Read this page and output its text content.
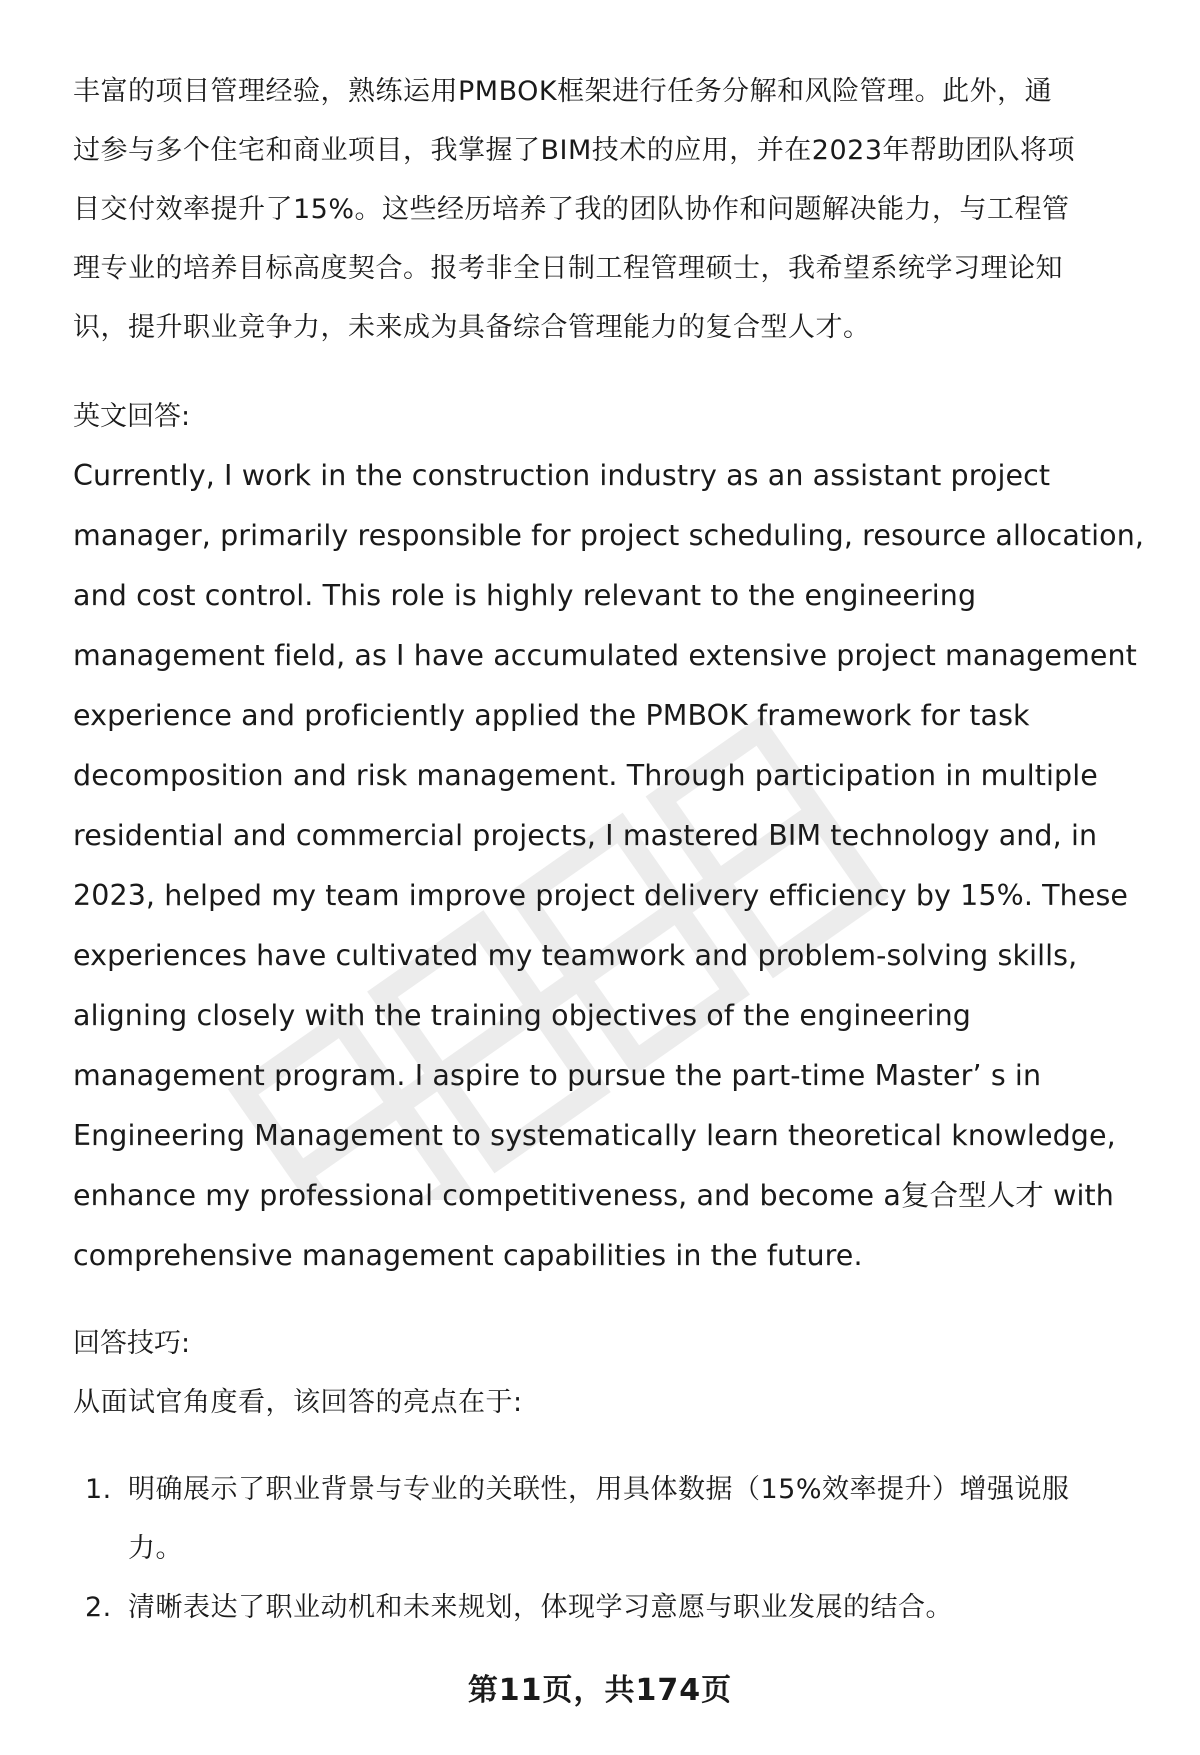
丰富的项目管理经验，熟练运用PMBOK框架进行任务分解和风险管理。此外，通

过参与多个住宅和商业项目，我掌握了BIM技术的应用，并在2023年帮助团队将项

目交付效率提升了15%。这些经历培养了我的团队协作和问题解决能力，与工程管

理专业的培养目标高度契合。报考非全日制工程管理硕士，我希望系统学习理论知

识，提升职业竞争力，未来成为具备综合管理能力的复合型人才。

英文回答:

Currently, I work in the construction industry as an assistant project

manager, primarily responsible for project scheduling, resource allocation,

and cost control. This role is highly relevant to the engineering

management field, as I have accumulated extensive project management

experience and proficiently applied the PMBOK framework for task

decomposition and risk management. Through participation in multiple

residential and commercial projects, I mastered BIM technology and, in

2023, helped my team improve project delivery efficiency by 15%. These

experiences have cultivated my teamwork and problem-solving skills,

aligning closely with the training objectives of the engineering

management program. I aspire to pursue the part-time Master’ s in

Engineering Management to systematically learn theoretical knowledge,

enhance my professional competitiveness, and become a复合型人才 with

comprehensive management capabilities in the future.

回答技巧:

从面试官角度看，该回答的亮点在于:

1. 明确展示了职业背景与专业的关联性，用具体数据（15%效率提升）增强说服
力。
2. 清晰表达了职业动机和未来规划，体现学习意愿与职业发展的结合。
第11页，共174页
